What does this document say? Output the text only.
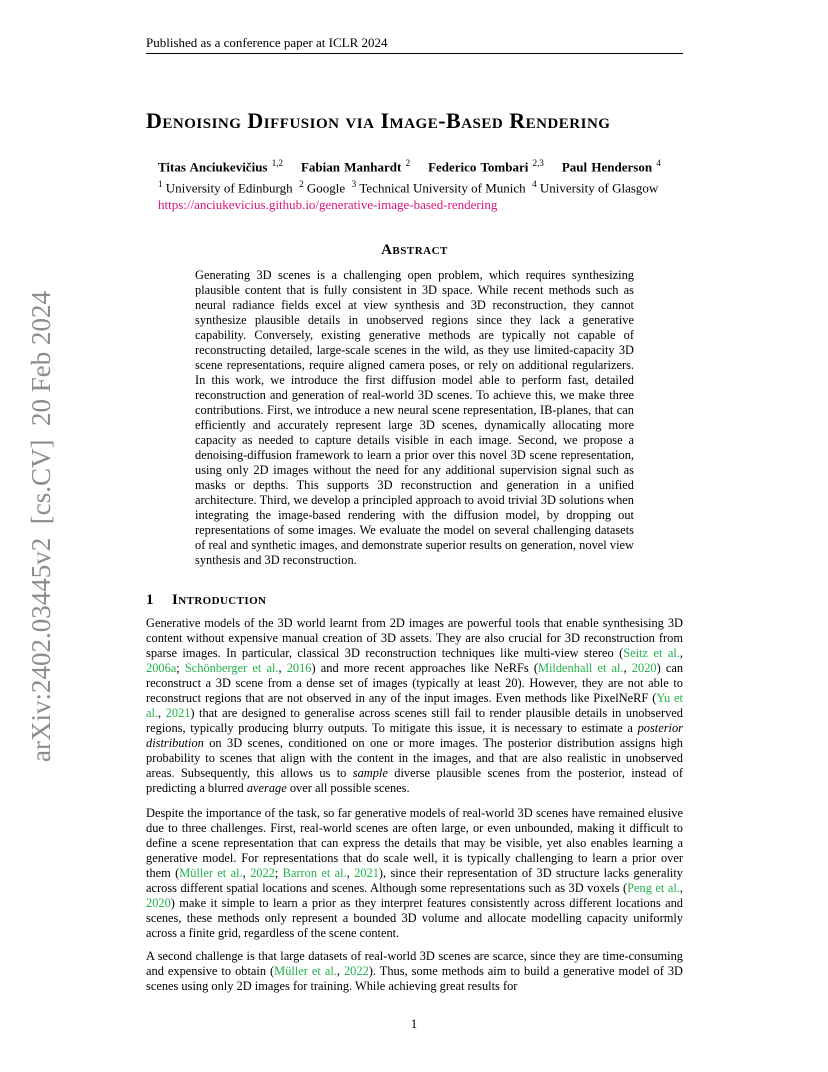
Published as a conference paper at ICLR 2024
arXiv:2402.03445v2  [cs.CV]  20 Feb 2024
Denoising Diffusion via Image-Based Rendering
Titas Anciukevičius $^{1,2}$ Fabian Manhardt $^2$ Federico Tombari $^{2,3}$ Paul Henderson $^4$
$^1$ University of Edinburgh $^2$ Google $^3$ Technical University of Munich $^4$ University of Glasgow
https://anciukevicius.github.io/generative-image-based-rendering
Abstract

Generating 3D scenes is a challenging open problem, which requires synthesizing plausible content that is fully consistent in 3D space. While recent methods such as neural radiance fields excel at view synthesis and 3D reconstruction, they cannot synthesize plausible details in unobserved regions since they lack a generative capability. Conversely, existing generative methods are typically not capable of reconstructing detailed, large-scale scenes in the wild, as they use limited-capacity 3D scene representations, require aligned camera poses, or rely on additional regularizers. In this work, we introduce the first diffusion model able to perform fast, detailed reconstruction and generation of real-world 3D scenes. To achieve this, we make three contributions. First, we introduce a new neural scene representation, IB-planes, that can efficiently and accurately represent large 3D scenes, dynamically allocating more capacity as needed to capture details visible in each image. Second, we propose a denoising-diffusion framework to learn a prior over this novel 3D scene representation, using only 2D images without the need for any additional supervision signal such as masks or depths. This supports 3D reconstruction and generation in a unified architecture. Third, we develop a principled approach to avoid trivial 3D solutions when integrating the image-based rendering with the diffusion model, by dropping out representations of some images. We evaluate the model on several challenging datasets of real and synthetic images, and demonstrate superior results on generation, novel view synthesis and 3D reconstruction.

1 Introduction

Generative models of the 3D world learnt from 2D images are powerful tools that enable synthesising 3D content without expensive manual creation of 3D assets. They are also crucial for 3D reconstruction from sparse images. In particular, classical 3D reconstruction techniques like multi-view stereo (Seitz et al., 2006a; Schönberger et al., 2016) and more recent approaches like NeRFs (Mildenhall et al., 2020) can reconstruct a 3D scene from a dense set of images (typically at least 20). However, they are not able to reconstruct regions that are not observed in any of the input images. Even methods like PixelNeRF (Yu et al., 2021) that are designed to generalise across scenes still fail to render plausible details in unobserved regions, typically producing blurry outputs. To mitigate this issue, it is necessary to estimate a posterior distribution on 3D scenes, conditioned on one or more images. The posterior distribution assigns high probability to scenes that align with the content in the images, and that are also realistic in unobserved areas. Subsequently, this allows us to sample diverse plausible scenes from the posterior, instead of predicting a blurred average over all possible scenes.

Despite the importance of the task, so far generative models of real-world 3D scenes have remained elusive due to three challenges. First, real-world scenes are often large, or even unbounded, making it difficult to define a scene representation that can express the details that may be visible, yet also enables learning a generative model. For representations that do scale well, it is typically challenging to learn a prior over them (Müller et al., 2022; Barron et al., 2021), since their representation of 3D structure lacks generality across different spatial locations and scenes. Although some representations such as 3D voxels (Peng et al., 2020) make it simple to learn a prior as they interpret features consistently across different locations and scenes, these methods only represent a bounded 3D volume and allocate modelling capacity uniformly across a finite grid, regardless of the scene content.

A second challenge is that large datasets of real-world 3D scenes are scarce, since they are time-consuming and expensive to obtain (Müller et al., 2022). Thus, some methods aim to build a generative model of 3D scenes using only 2D images for training. While achieving great results for

1
